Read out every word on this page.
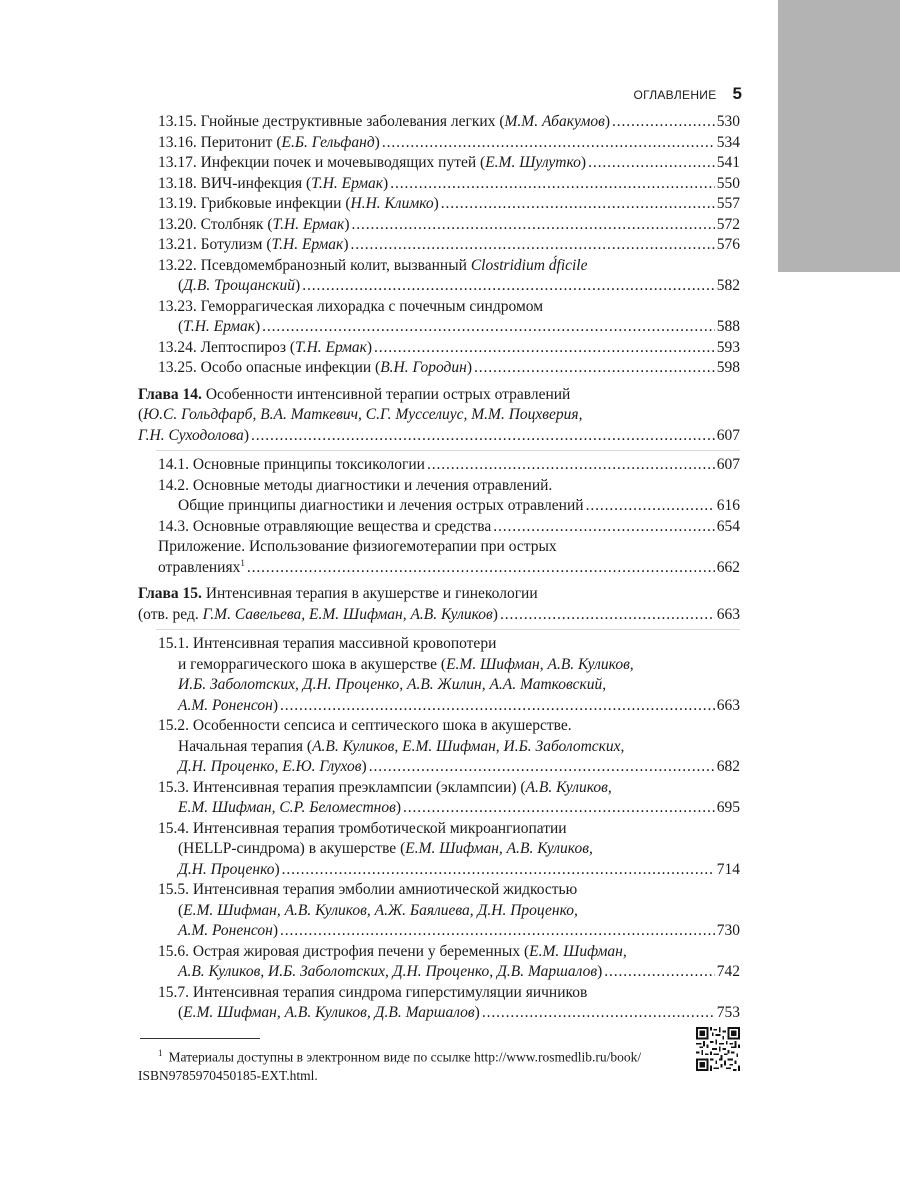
ОГЛАВЛЕНИЕ 5
13.15. Гнойные деструктивные заболевания легких (М.М. Абакумов) . . .	530
13.16. Перитонит (Е.Б. Гельфанд) . . .	534
13.17. Инфекции почек и мочевыводящих путей (Е.М. Шулутко) . . .	541
13.18. ВИЧ-инфекция (Т.Н. Ермак) . . .	550
13.19. Грибковые инфекции (Н.Н. Климко) . . .	557
13.20. Столбняк (Т.Н. Ермак) . . .	572
13.21. Ботулизм (Т.Н. Ермак) . . .	576
13.22. Псевдомембранозный колит, вызванный Clostridium d́ficile
(Д.В. Трощанский) . . .	582
13.23. Геморрагическая лихорадка с почечным синдромом
(Т.Н. Ермак) . . .	588
13.24. Лептоспироз (Т.Н. Ермак) . . .	593
13.25. Особо опасные инфекции (В.Н. Городин) . . .	598
Глава 14. Особенности интенсивной терапии острых отравлений
(Ю.С. Гольдфарб, В.А. Маткевич, С.Г. Мусселиус, М.М. Поцхверия,
Г.Н. Суходолова) . . .	607
14.1. Основные принципы токсикологии . . .	607
14.2. Основные методы диагностики и лечения отравлений.
Общие принципы диагностики и лечения острых отравлений . . .	616
14.3. Основные отравляющие вещества и средства . . .	654
Приложение. Использование физиогемотерапии при острых
отравлениях$^1$ . . .	662
Глава 15. Интенсивная терапия в акушерстве и гинекологии
(отв. ред. Г.М. Савельева, Е.М. Шифман, А.В. Куликов) . . .	663
15.1. Интенсивная терапия массивной кровопотери
и геморрагического шока в акушерстве (Е.М. Шифман, А.В. Куликов,
И.Б. Заболотских, Д.Н. Проценко, А.В. Жилин, А.А. Матковский,
А.М. Роненсон) . . .	663
15.2. Особенности сепсиса и септического шока в акушерстве.
Начальная терапия (А.В. Куликов, Е.М. Шифман, И.Б. Заболотских,
Д.Н. Проценко, Е.Ю. Глухов) . . .	682
15.3. Интенсивная терапия преэклампсии (эклампсии) (А.В. Куликов,
Е.М. Шифман, С.Р. Беломестнов) . . .	695
15.4. Интенсивная терапия тромботической микроангиопатии
(HELLP-синдрома) в акушерстве (Е.М. Шифман, А.В. Куликов,
Д.Н. Проценко) . . .	714
15.5. Интенсивная терапия эмболии амниотической жидкостью
(Е.М. Шифман, А.В. Куликов, А.Ж. Баялиева, Д.Н. Проценко,
А.М. Роненсон) . . .	730
15.6. Острая жировая дистрофия печени у беременных (Е.М. Шифман,
А.В. Куликов, И.Б. Заболотских, Д.Н. Проценко, Д.В. Маршалов) . . .	742
15.7. Интенсивная терапия синдрома гиперстимуляции яичников
(Е.М. Шифман, А.В. Куликов, Д.В. Маршалов) . . .	753
$^1$ Материалы доступны в электронном виде по ссылке http://www.rosmedlib.ru/book/
ISBN9785970450185-EXT.html.
